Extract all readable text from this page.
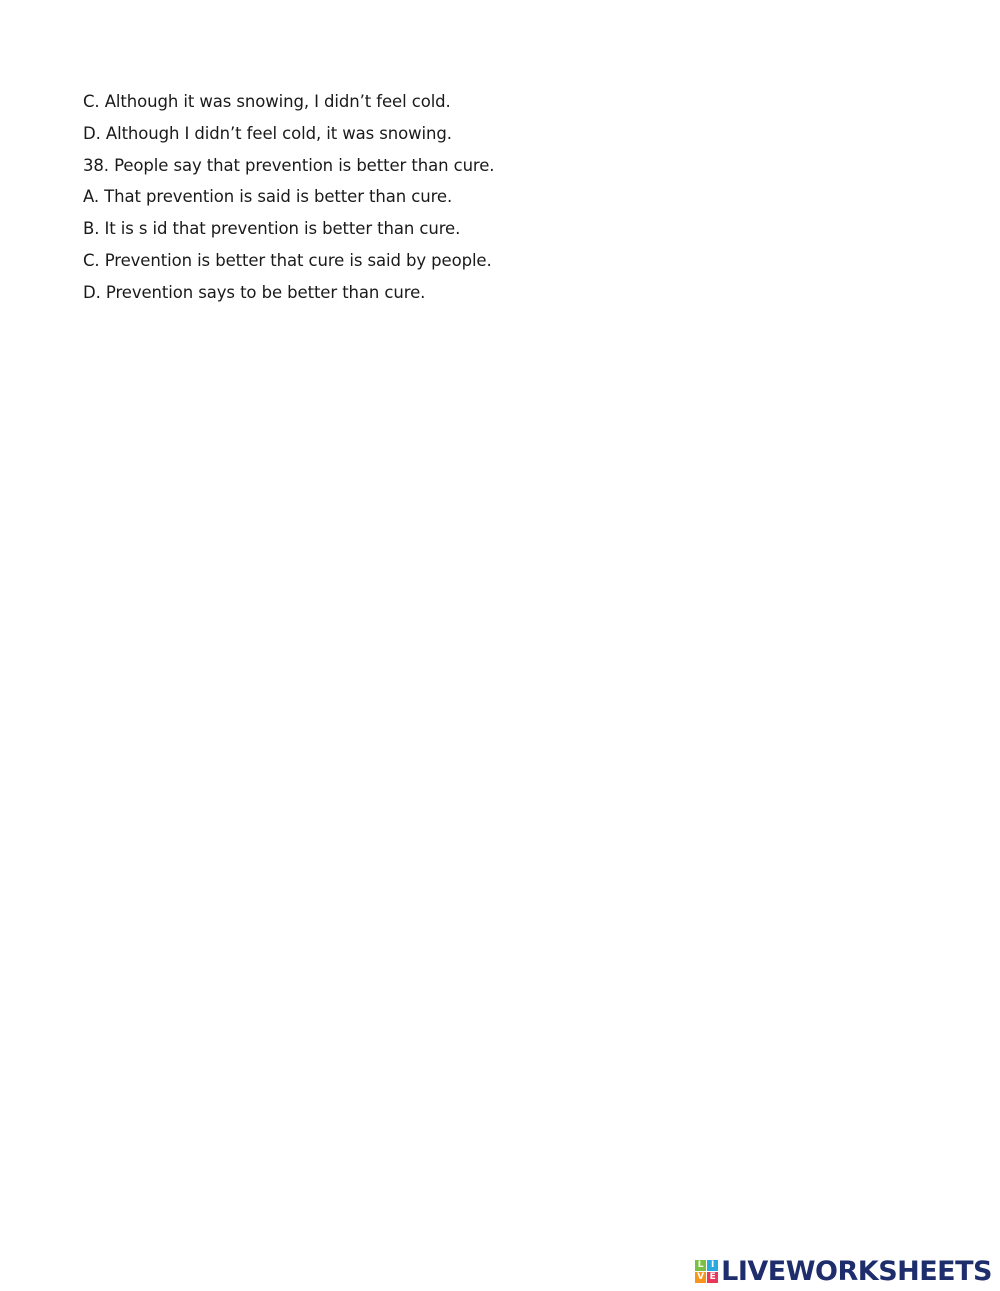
C. Although it was snowing, I didn’t feel cold.
D. Although I didn’t feel cold, it was snowing.
38. People say that prevention is better than cure.
A. That prevention is said is better than cure.
B. It is s id that prevention is better than cure.
C. Prevention is better that cure is said by people.
D. Prevention says to be better than cure.
L I
V E LIVEWORKSHEETS
